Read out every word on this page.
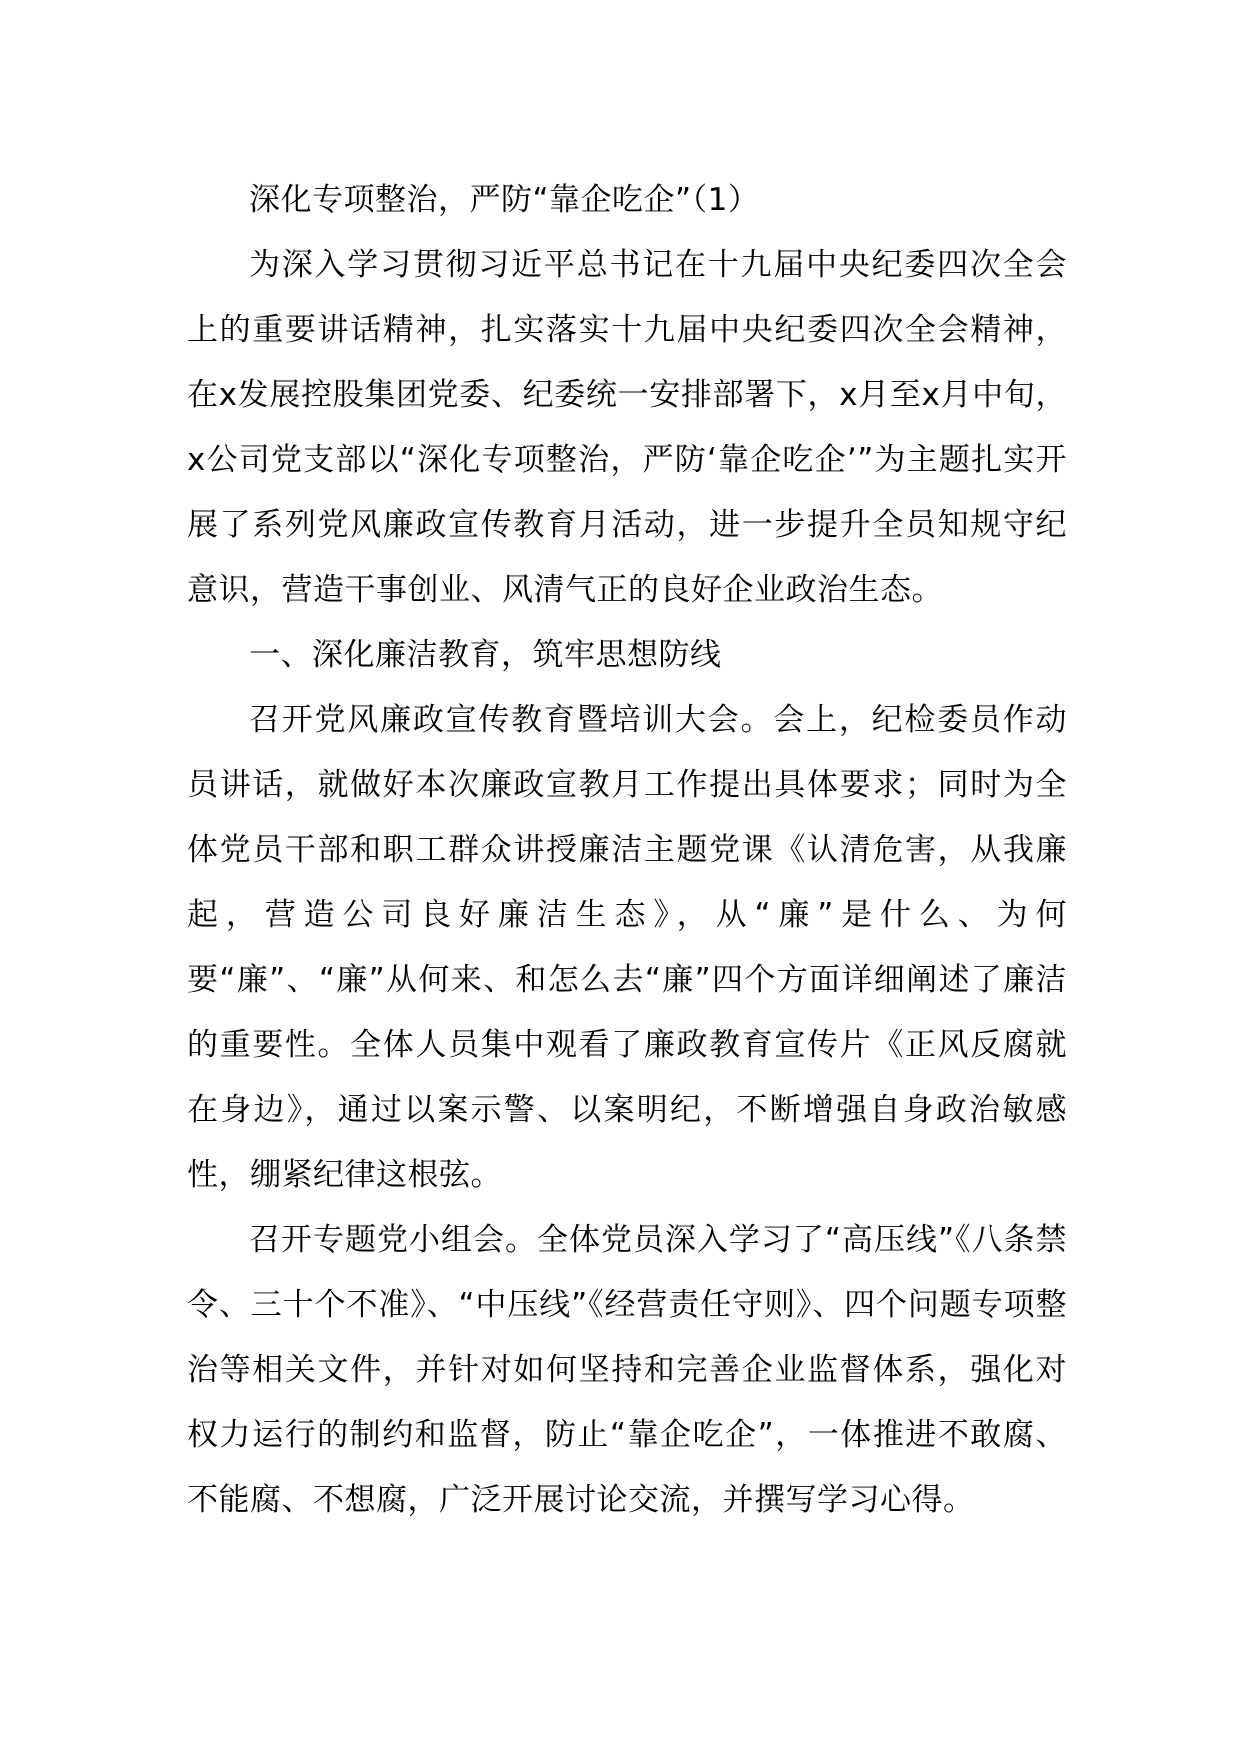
深化专项整治，严防“靠企吃企”（1）

为深入学习贯彻习近平总书记在十九届中央纪委四次全会上的重要讲话精神，扎实落实十九届中央纪委四次全会精神，在x发展控股集团党委、纪委统一安排部署下，x月至x月中旬，x公司党支部以“深化专项整治，严防‘靠企吃企’”为主题扎实开展了系列党风廉政宣传教育月活动，进一步提升全员知规守纪意识，营造干事创业、风清气正的良好企业政治生态。

一、深化廉洁教育，筑牢思想防线

召开党风廉政宣传教育暨培训大会。会上，纪检委员作动员讲话，就做好本次廉政宣教月工作提出具体要求；同时为全体党员干部和职工群众讲授廉洁主题党课《认清危害，从我廉起，营造公司良好廉洁生态》，从“廉”是什么、为何要“廉”、“廉”从何来、和怎么去“廉”四个方面详细阐述了廉洁的重要性。全体人员集中观看了廉政教育宣传片《正风反腐就在身边》，通过以案示警、以案明纪，不断增强自身政治敏感性，绷紧纪律这根弦。

召开专题党小组会。全体党员深入学习了“高压线”《八条禁令、三十个不准》、“中压线”《经营责任守则》、四个问题专项整治等相关文件，并针对如何坚持和完善企业监督体系，强化对权力运行的制约和监督，防止“靠企吃企”，一体推进不敢腐、不能腐、不想腐，广泛开展讨论交流，并撰写学习心得。
